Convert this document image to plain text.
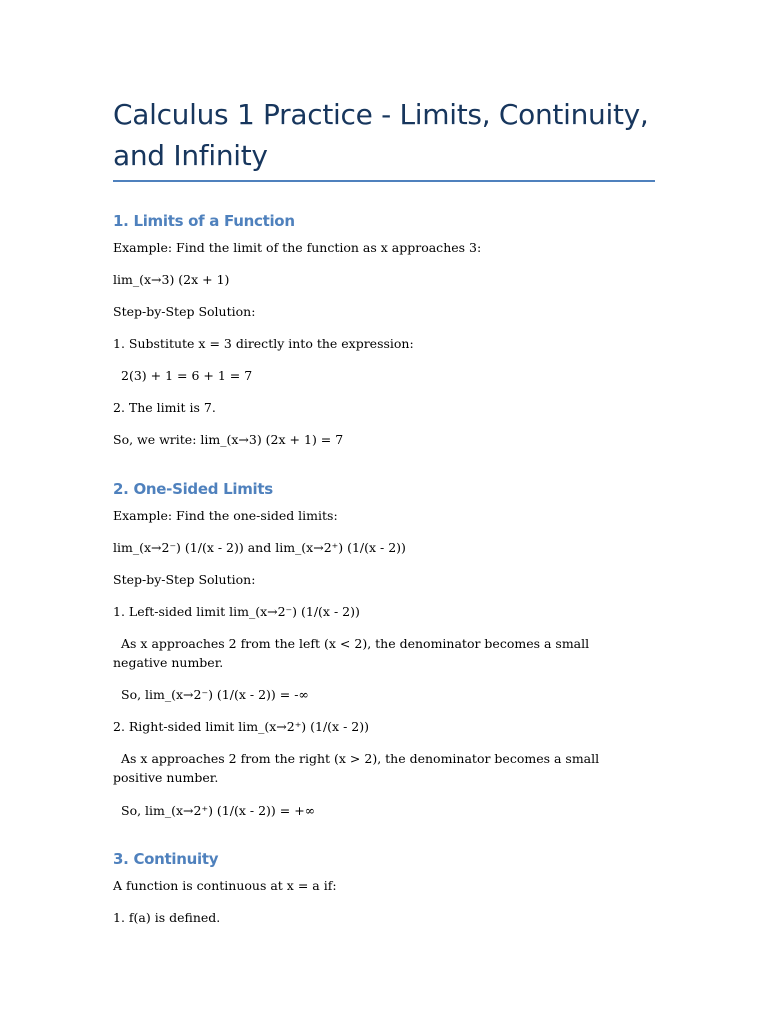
Calculus 1 Practice - Limits, Continuity, and Infinity
1. Limits of a Function
Example: Find the limit of the function as x approaches 3:
lim_(x→3) (2x + 1)
Step-by-Step Solution:
1. Substitute x = 3 directly into the expression:
2(3) + 1 = 6 + 1 = 7
2. The limit is 7.
So, we write: lim_(x→3) (2x + 1) = 7
2. One-Sided Limits
Example: Find the one-sided limits:
lim_(x→2⁻) (1/(x - 2)) and lim_(x→2⁺) (1/(x - 2))
Step-by-Step Solution:
1. Left-sided limit lim_(x→2⁻) (1/(x - 2))
As x approaches 2 from the left (x < 2), the denominator becomes a small negative number.
So, lim_(x→2⁻) (1/(x - 2)) = -∞
2. Right-sided limit lim_(x→2⁺) (1/(x - 2))
As x approaches 2 from the right (x > 2), the denominator becomes a small positive number.
So, lim_(x→2⁺) (1/(x - 2)) = +∞
3. Continuity
A function is continuous at x = a if:
1. f(a) is defined.
